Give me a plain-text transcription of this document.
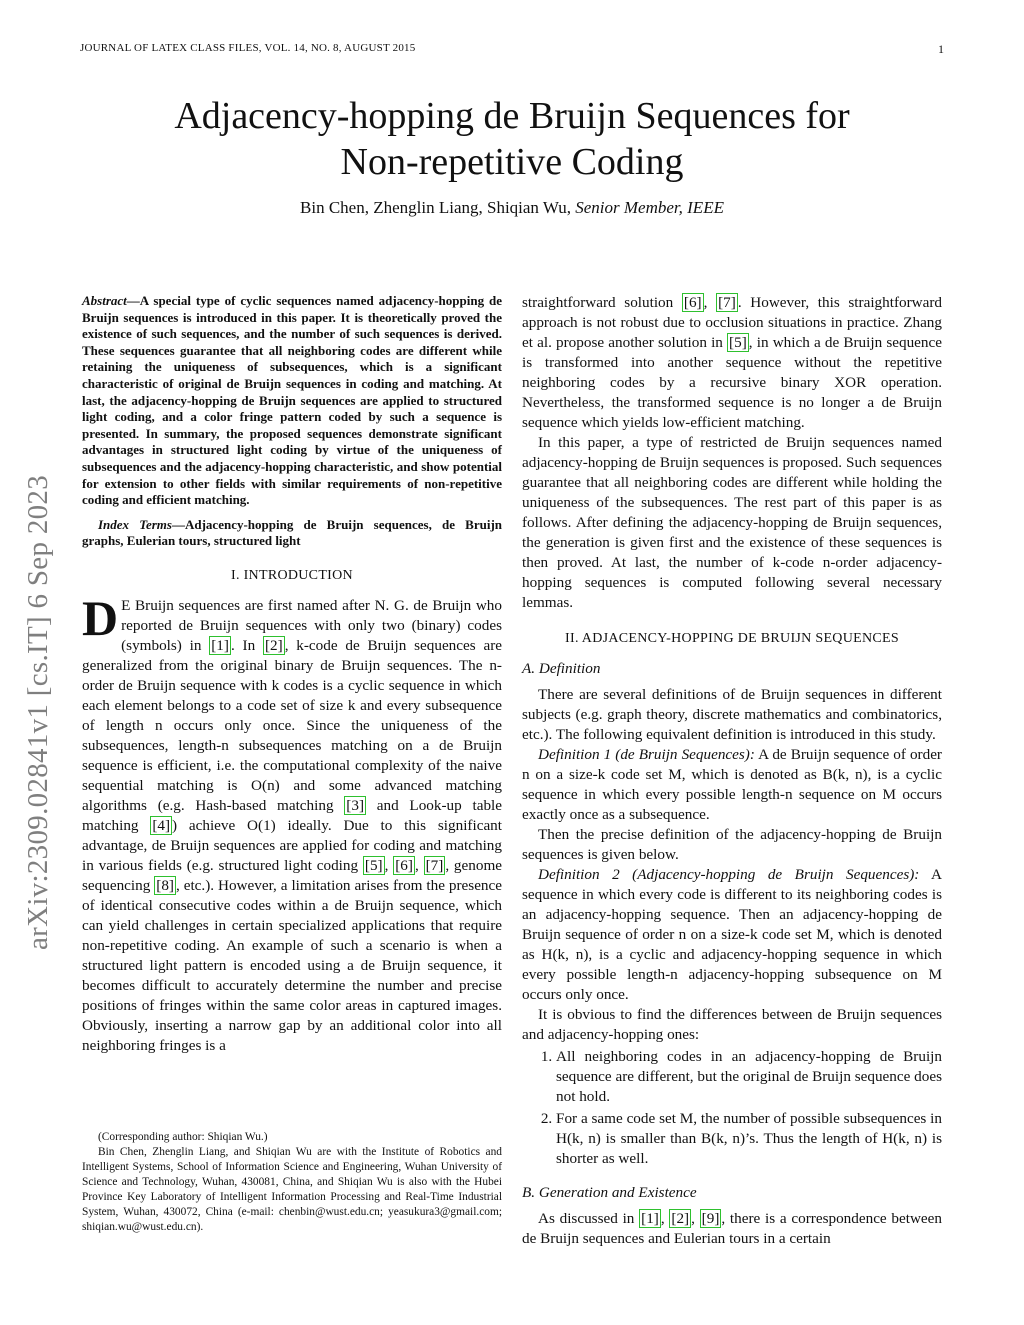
JOURNAL OF LATEX CLASS FILES, VOL. 14, NO. 8, AUGUST 2015	1
Adjacency-hopping de Bruijn Sequences for
Non-repetitive Coding
Bin Chen, Zhenglin Liang, Shiqian Wu, Senior Member, IEEE
arXiv:2309.02841v1 [cs.IT] 6 Sep 2023
Abstract—A special type of cyclic sequences named adjacency-hopping de Bruijn sequences is introduced in this paper. It is theoretically proved the existence of such sequences, and the number of such sequences is derived. These sequences guarantee that all neighboring codes are different while retaining the uniqueness of subsequences, which is a significant characteristic of original de Bruijn sequences in coding and matching. At last, the adjacency-hopping de Bruijn sequences are applied to structured light coding, and a color fringe pattern coded by such a sequence is presented. In summary, the proposed sequences demonstrate significant advantages in structured light coding by virtue of the uniqueness of subsequences and the adjacency-hopping characteristic, and show potential for extension to other fields with similar requirements of non-repetitive coding and efficient matching.
Index Terms—Adjacency-hopping de Bruijn sequences, de Bruijn graphs, Eulerian tours, structured light
I. INTRODUCTION

D E Bruijn sequences are first named after N. G. de Bruijn who reported de Bruijn sequences with only two (binary) codes (symbols) in [1] . In [2] , k-code de Bruijn sequences are generalized from the original binary de Bruijn sequences. The n-order de Bruijn sequence with k codes is a cyclic sequence in which each element belongs to a code set of size k and every subsequence of length n occurs only once. Since the uniqueness of the subsequences, length-n subsequences matching on a de Bruijn sequence is efficient, i.e. the computational complexity of the naive sequential matching is O(n) and some advanced matching algorithms (e.g. Hash-based matching [3] and Look-up table matching [4] ) achieve O(1) ideally. Due to this significant advantage, de Bruijn sequences are applied for coding and matching in various fields (e.g. structured light coding [5] , [6] , [7] , genome sequencing [8] , etc.). However, a limitation arises from the presence of identical consecutive codes within a de Bruijn sequence, which can yield challenges in certain specialized applications that require non-repetitive coding. An example of such a scenario is when a structured light pattern is encoded using a de Bruijn sequence, it becomes difficult to accurately determine the number and precise positions of fringes within the same color areas in captured images. Obviously, inserting a narrow gap by an additional color into all neighboring fringes is a

(Corresponding author: Shiqian Wu.)

Bin Chen, Zhenglin Liang, and Shiqian Wu are with the Institute of Robotics and Intelligent Systems, School of Information Science and Engineering, Wuhan University of Science and Technology, Wuhan, 430081, China, and Shiqian Wu is also with the Hubei Province Key Laboratory of Intelligent Information Processing and Real-Time Industrial System, Wuhan, 430072, China (e-mail: chenbin@wust.edu.cn; yeasukura3@gmail.com; shiqian.wu@wust.edu.cn).

straightforward solution [6] , [7] . However, this straightforward approach is not robust due to occlusion situations in practice. Zhang et al. propose another solution in [5] , in which a de Bruijn sequence is transformed into another sequence without the repetitive neighboring codes by a recursive binary XOR operation. Nevertheless, the transformed sequence is no longer a de Bruijn sequence which yields low-efficient matching.

In this paper, a type of restricted de Bruijn sequences named adjacency-hopping de Bruijn sequences is proposed. Such sequences guarantee that all neighboring codes are different while holding the uniqueness of the subsequences. The rest part of this paper is as follows. After defining the adjacency-hopping de Bruijn sequences, the generation is given first and the existence of these sequences is then proved. At last, the number of k-code n-order adjacency-hopping sequences is computed following several necessary lemmas.

II. ADJACENCY-HOPPING DE BRUIJN SEQUENCES
A. Definition

There are several definitions of de Bruijn sequences in different subjects (e.g. graph theory, discrete mathematics and combinatorics, etc.). The following equivalent definition is introduced in this study.

Definition 1 (de Bruijn Sequences): A de Bruijn sequence of order n on a size-k code set M, which is denoted as B(k, n), is a cyclic sequence in which every possible length-n sequence on M occurs exactly once as a subsequence.

Then the precise definition of the adjacency-hopping de Bruijn sequences is given below.

Definition 2 (Adjacency-hopping de Bruijn Sequences): A sequence in which every code is different to its neighboring codes is an adjacency-hopping sequence. Then an adjacency-hopping de Bruijn sequence of order n on a size-k code set M, which is denoted as H(k, n), is a cyclic and adjacency-hopping sequence in which every possible length-n adjacency-hopping subsequence on M occurs only once.

It is obvious to find the differences between de Bruijn sequences and adjacency-hopping ones:

1. All neighboring codes in an adjacency-hopping de Bruijn sequence are different, but the original de Bruijn sequence does not hold.
2. For a same code set M, the number of possible subsequences in H(k, n) is smaller than B(k, n)’s. Thus the length of H(k, n) is shorter as well.
B. Generation and Existence

As discussed in [1] , [2] , [9] , there is a correspondence between de Bruijn sequences and Eulerian tours in a certain
